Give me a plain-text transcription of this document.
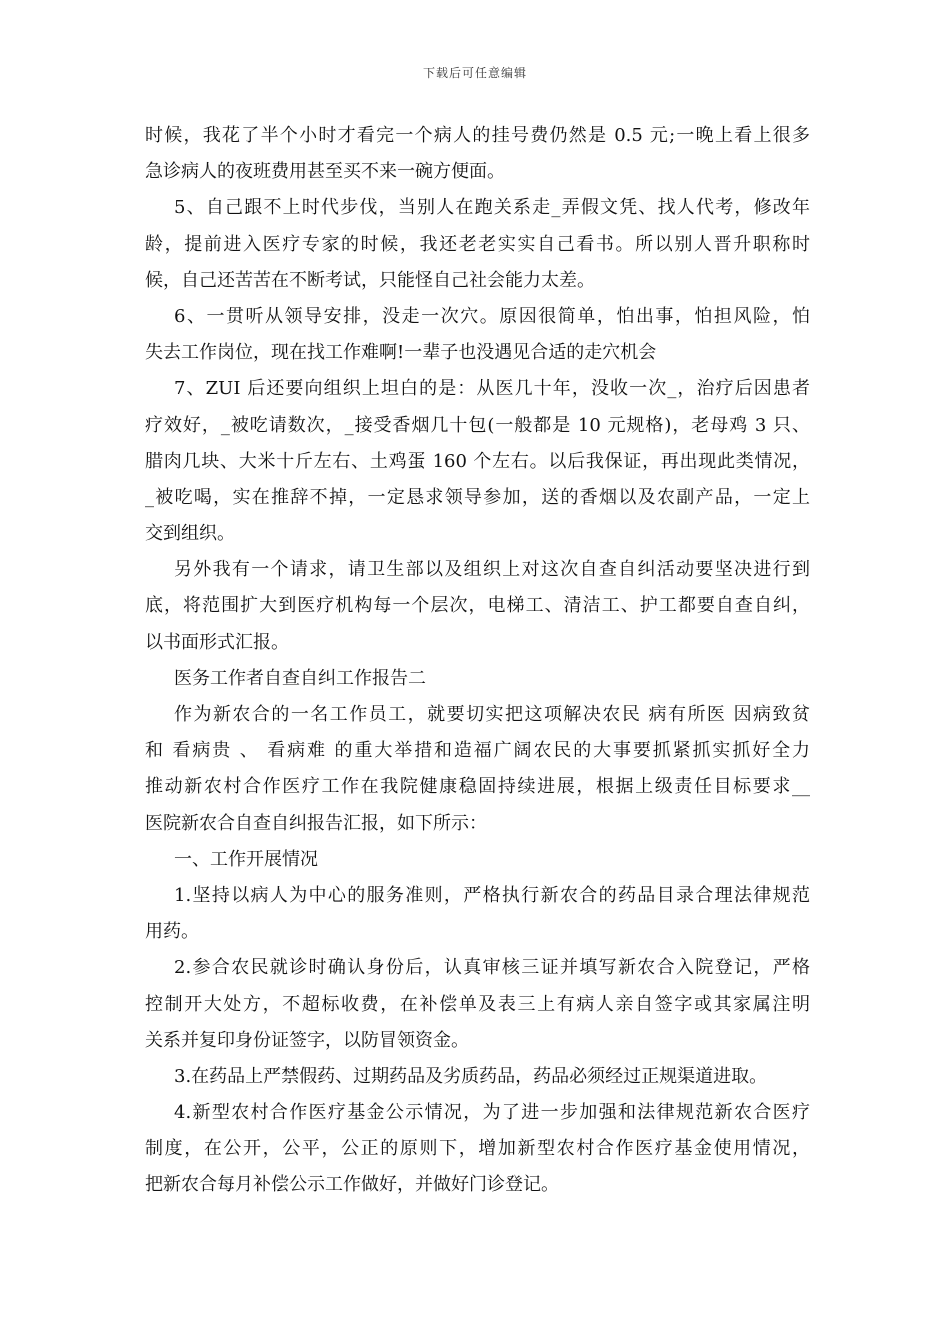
下载后可任意编辑
时候，我花了半个小时才看完一个病人的挂号费仍然是 0.5 元;一晚上看上很多
急诊病人的夜班费用甚至买不来一碗方便面。
5、自己跟不上时代步伐，当别人在跑关系走_弄假文凭、找人代考，修改年
龄，提前进入医疗专家的时候，我还老老实实自己看书。所以别人晋升职称时
候，自己还苦苦在不断考试，只能怪自己社会能力太差。
6、一贯听从领导安排，没走一次穴。原因很简单，怕出事，怕担风险，怕
失去工作岗位，现在找工作难啊!一辈子也没遇见合适的走穴机会
7、ZUI 后还要向组织上坦白的是：从医几十年，没收一次_，治疗后因患者
疗效好，_被吃请数次，_接受香烟几十包(一般都是 10 元规格)，老母鸡 3 只、
腊肉几块、大米十斤左右、土鸡蛋 160 个左右。以后我保证，再出现此类情况，
_被吃喝，实在推辞不掉，一定恳求领导参加，送的香烟以及农副产品，一定上
交到组织。
另外我有一个请求，请卫生部以及组织上对这次自查自纠活动要坚决进行到
底，将范围扩大到医疗机构每一个层次，电梯工、清洁工、护工都要自查自纠，
以书面形式汇报。
医务工作者自查自纠工作报告二
作为新农合的一名工作员工，就要切实把这项解决农民 病有所医 因病致贫
和 看病贵 、 看病难 的重大举措和造福广阔农民的大事要抓紧抓实抓好全力
推动新农村合作医疗工作在我院健康稳固持续进展，根据上级责任目标要求__
医院新农合自查自纠报告汇报，如下所示：
一、工作开展情况
1.坚持以病人为中心的服务准则，严格执行新农合的药品目录合理法律规范
用药。
2.参合农民就诊时确认身份后，认真审核三证并填写新农合入院登记，严格
控制开大处方，不超标收费，在补偿单及表三上有病人亲自签字或其家属注明
关系并复印身份证签字，以防冒领资金。
3.在药品上严禁假药、过期药品及劣质药品，药品必须经过正规渠道进取。
4.新型农村合作医疗基金公示情况，为了进一步加强和法律规范新农合医疗
制度，在公开，公平，公正的原则下，增加新型农村合作医疗基金使用情况，
把新农合每月补偿公示工作做好，并做好门诊登记。
